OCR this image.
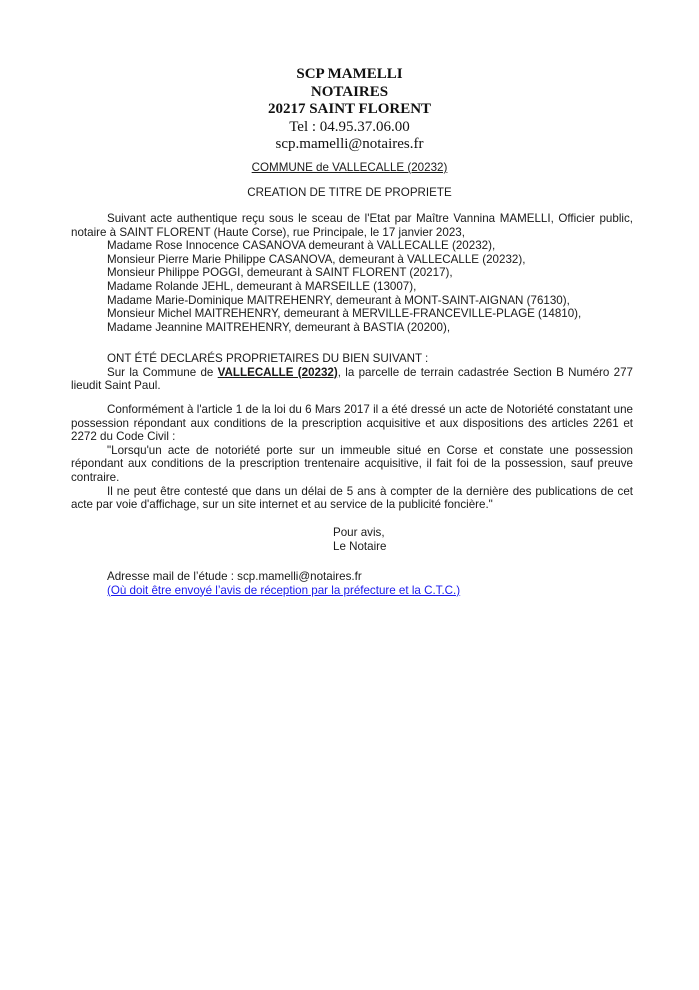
SCP MAMELLI
NOTAIRES
20217 SAINT FLORENT
Tel : 04.95.37.06.00
scp.mamelli@notaires.fr
COMMUNE de VALLECALLE (20232)
CREATION DE TITRE DE PROPRIETE

Suivant acte authentique reçu sous le sceau de l'Etat par Maître Vannina MAMELLI, Officier public, notaire à SAINT FLORENT (Haute Corse), rue Principale, le 17 janvier 2023,

Madame Rose Innocence CASANOVA demeurant à VALLECALLE (20232),
Monsieur Pierre Marie Philippe CASANOVA, demeurant à VALLECALLE (20232),
Monsieur Philippe POGGI, demeurant à SAINT FLORENT (20217),
Madame Rolande JEHL, demeurant à MARSEILLE (13007),
Madame Marie-Dominique MAITREHENRY, demeurant à MONT-SAINT-AIGNAN (76130),
Monsieur Michel MAITREHENRY, demeurant à MERVILLE-FRANCEVILLE-PLAGE (14810),
Madame Jeannine MAITREHENRY, demeurant à BASTIA (20200),

ONT ÉTÉ DECLARÉS PROPRIETAIRES DU BIEN SUIVANT :

Sur la Commune de VALLECALLE (20232), la parcelle de terrain cadastrée Section B Numéro 277 lieudit Saint Paul.

Conformément à l'article 1 de la loi du 6 Mars 2017 il a été dressé un acte de Notoriété constatant une possession répondant aux conditions de la prescription acquisitive et aux dispositions des articles 2261 et 2272 du Code Civil :

"Lorsqu'un acte de notoriété porte sur un immeuble situé en Corse et constate une possession répondant aux conditions de la prescription trentenaire acquisitive, il fait foi de la possession, sauf preuve contraire.

Il ne peut être contesté que dans un délai de 5 ans à compter de la dernière des publications de cet acte par voie d'affichage, sur un site internet et au service de la publicité foncière."

Pour avis,
Le Notaire
Adresse mail de l’étude : scp.mamelli@notaires.fr
(Où doit être envoyé l’avis de réception par la préfecture et la C.T.C.)
